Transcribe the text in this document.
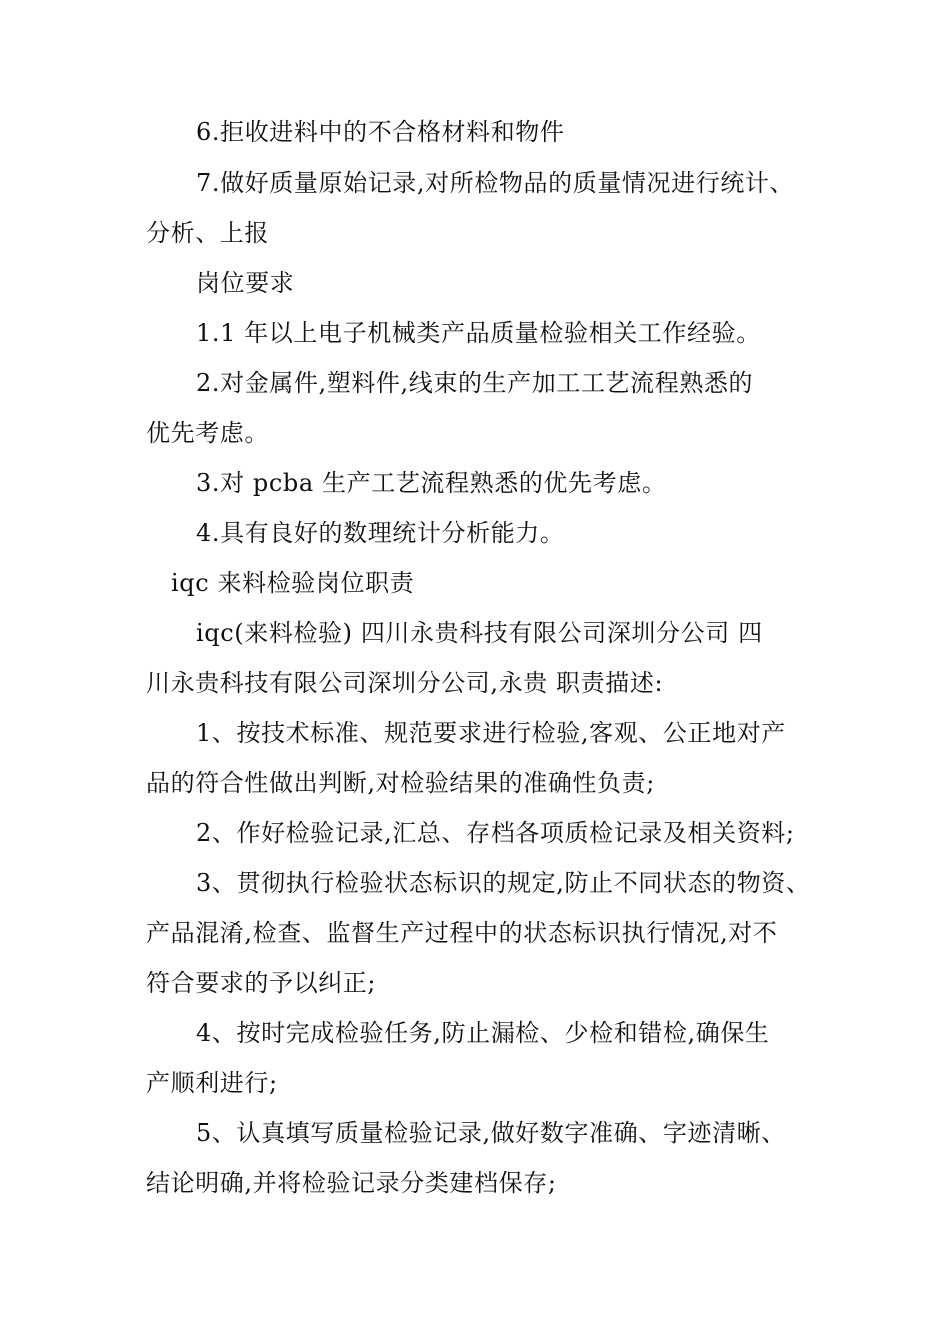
6.拒收进料中的不合格材料和物件
7.做好质量原始记录,对所检物品的质量情况进行统计、
分析、上报
岗位要求
1.1 年以上电子机械类产品质量检验相关工作经验。
2.对金属件,塑料件,线束的生产加工工艺流程熟悉的
优先考虑。
3.对 pcba 生产工艺流程熟悉的优先考虑。
4.具有良好的数理统计分析能力。
iqc 来料检验岗位职责
iqc(来料检验) 四川永贵科技有限公司深圳分公司 四
川永贵科技有限公司深圳分公司,永贵 职责描述:
1、按技术标准、规范要求进行检验,客观、公正地对产
品的符合性做出判断,对检验结果的准确性负责;
2、作好检验记录,汇总、存档各项质检记录及相关资料;
3、贯彻执行检验状态标识的规定,防止不同状态的物资、
产品混淆,检查、监督生产过程中的状态标识执行情况,对不
符合要求的予以纠正;
4、按时完成检验任务,防止漏检、少检和错检,确保生
产顺利进行;
5、认真填写质量检验记录,做好数字准确、字迹清晰、
结论明确,并将检验记录分类建档保存;
